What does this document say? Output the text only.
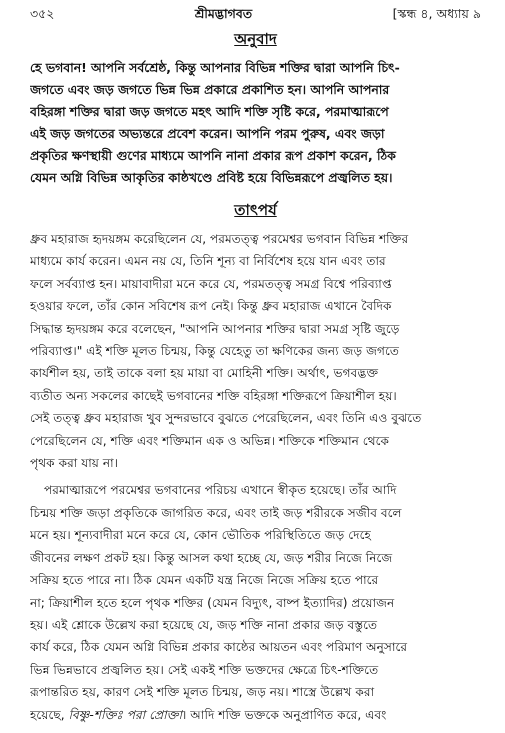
৩৫২	শ্রীমদ্ভাগবত	[স্কন্ধ ৪, অধ্যায় ৯
অনুবাদ
হে ভগবান! আপনি সর্বশ্রেষ্ঠ, কিন্তু আপনার বিভিন্ন শক্তির দ্বারা আপনি চিৎ-
জগতে এবং জড় জগতে ভিন্ন ভিন্ন প্রকারে প্রকাশিত হন। আপনি আপনার
বহিরঙ্গা শক্তির দ্বারা জড় জগতে মহৎ আদি শক্তি সৃষ্টি করে, পরমাত্মারূপে
এই জড় জগতের অভ্যন্তরে প্রবেশ করেন। আপনি পরম পুরুষ, এবং জড়া
প্রকৃতির ক্ষণস্থায়ী গুণের মাধ্যমে আপনি নানা প্রকার রূপ প্রকাশ করেন, ঠিক
যেমন অগ্নি বিভিন্ন আকৃতির কাষ্ঠখণ্ডে প্রবিষ্ট হয়ে বিভিন্নরূপে প্রজ্বলিত হয়।
তাৎপর্য
ধ্রুব মহারাজ হৃদয়ঙ্গম করেছিলেন যে, পরমতত্ত্ব পরমেশ্বর ভগবান বিভিন্ন শক্তির
মাধ্যমে কার্য করেন। এমন নয় যে, তিনি শূন্য বা নির্বিশেষ হয়ে যান এবং তার
ফলে সর্বব্যাপ্ত হন। মায়াবাদীরা মনে করে যে, পরমতত্ত্ব সমগ্র বিশ্বে পরিব্যাপ্ত
হওয়ার ফলে, তাঁর কোন সবিশেষ রূপ নেই। কিন্তু ধ্রুব মহারাজ এখানে বৈদিক
সিদ্ধান্ত হৃদয়ঙ্গম করে বলেছেন, "আপনি আপনার শক্তির দ্বারা সমগ্র সৃষ্টি জুড়ে
পরিব্যাপ্ত।" এই শক্তি মূলত চিন্ময়, কিন্তু যেহেতু তা ক্ষণিকের জন্য জড় জগতে
কার্যশীল হয়, তাই তাকে বলা হয় মায়া বা মোহিনী শক্তি। অর্থাৎ, ভগবদ্ভক্ত
ব্যতীত অন্য সকলের কাছেই ভগবানের শক্তি বহিরঙ্গা শক্তিরূপে ক্রিয়াশীল হয়।
সেই তত্ত্ব ধ্রুব মহারাজ খুব সুন্দরভাবে বুঝতে পেরেছিলেন, এবং তিনি এও বুঝতে
পেরেছিলেন যে, শক্তি এবং শক্তিমান এক ও অভিন্ন। শক্তিকে শক্তিমান থেকে
পৃথক করা যায় না।
পরমাত্মারূপে পরমেশ্বর ভগবানের পরিচয় এখানে স্বীকৃত হয়েছে। তাঁর আদি
চিন্ময় শক্তি জড়া প্রকৃতিকে জাগরিত করে, এবং তাই জড় শরীরকে সজীব বলে
মনে হয়। শূন্যবাদীরা মনে করে যে, কোন ভৌতিক পরিস্থিতিতে জড় দেহে
জীবনের লক্ষণ প্রকট হয়। কিন্তু আসল কথা হচ্ছে যে, জড় শরীর নিজে নিজে
সক্রিয় হতে পারে না। ঠিক যেমন একটি যন্ত্র নিজে নিজে সক্রিয় হতে পারে
না; ক্রিয়াশীল হতে হলে পৃথক শক্তির (যেমন বিদ্যুৎ, বাষ্প ইত্যাদির) প্রয়োজন
হয়। এই শ্লোকে উল্লেখ করা হয়েছে যে, জড় শক্তি নানা প্রকার জড় বস্তুতে
কার্য করে, ঠিক যেমন অগ্নি বিভিন্ন প্রকার কাষ্ঠের আয়তন এবং পরিমাণ অনুসারে
ভিন্ন ভিন্নভাবে প্রজ্বলিত হয়। সেই একই শক্তি ভক্তদের ক্ষেত্রে চিৎ-শক্তিতে
রূপান্তরিত হয়, কারণ সেই শক্তি মূলত চিন্ময়, জড় নয়। শাস্ত্রে উল্লেখ করা
হয়েছে, বিষ্ণু-শক্তিঃ পরা প্রোক্তা। আদি শক্তি ভক্তকে অনুপ্রাণিত করে, এবং
